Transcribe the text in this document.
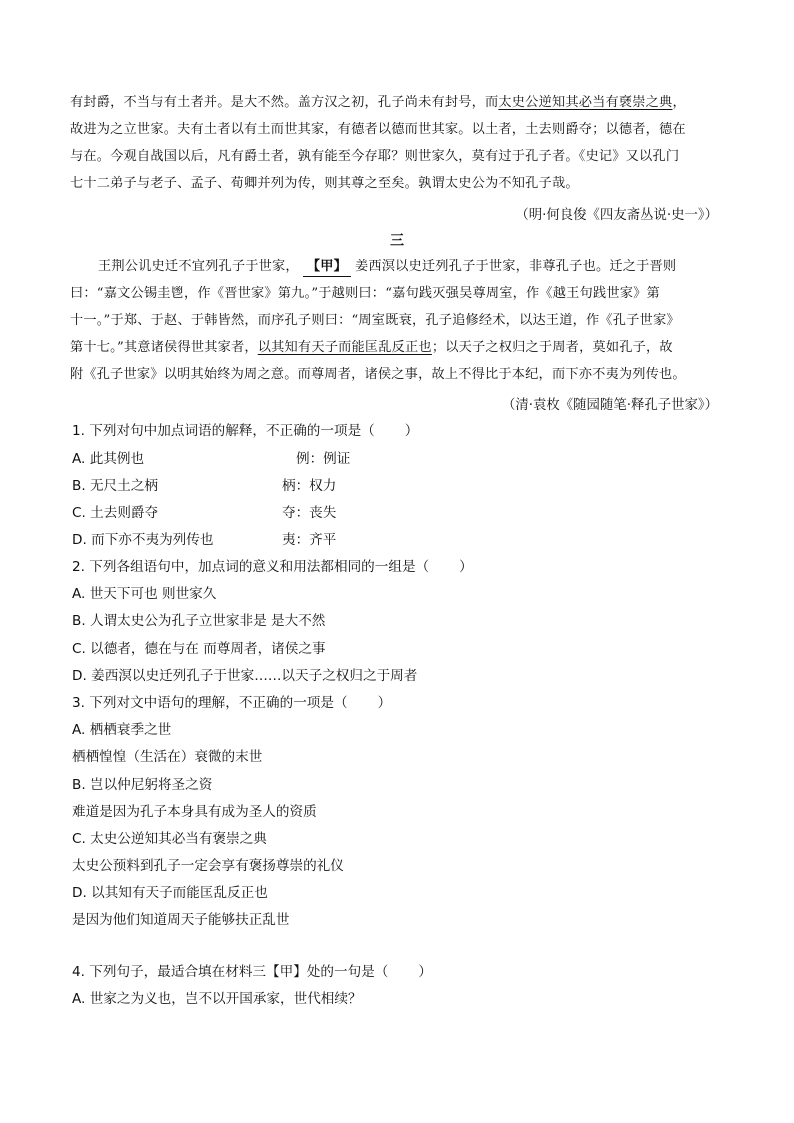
有封爵，不当与有土者并。是大不然。盖方汉之初，孔子尚未有封号，而太史公逆知其必当有褎崇之典，
故进为之立世家。夫有土者以有土而世其家，有德者以德而世其家。以土者，土去则爵夺；以德者，德在
与在。今观自战国以后，凡有爵土者，孰有能至今存耶？则世家久，莫有过于孔子者。《史记》又以孔门
七十二弟子与老子、孟子、荀卿并列为传，则其尊之至矣。孰谓太史公为不知孔子哉。
（明·何良俊《四友斋丛说·史一》）
三
王荆公讥史迁不宜列孔子于世家， 【甲】 姜西溟以史迁列孔子于世家，非尊孔子也。迁之于晋则
曰：“嘉文公锡圭鬯，作《晋世家》第九。”于越则曰：“嘉句践灭强吴尊周室，作《越王句践世家》第
十一。”于郑、于赵、于韩皆然，而序孔子则曰：“周室既衰，孔子追修经术，以达王道，作《孔子世家》
第十七。”其意诸侯得世其家者，以其知有天子而能匡乱反正也；以天子之权归之于周者，莫如孔子，故
附《孔子世家》以明其始终为周之意。而尊周者，诸侯之事，故上不得比于本纪，而下亦不夷为列传也。
（清·袁枚《随园随笔·释孔子世家》）
1. 下列对句中加点词语的解释，不正确的一项是（ ）
A. 此其例也	例：例证
B. 无尺土之柄	柄：权力
C. 土去则爵夺	夺：丧失
D. 而下亦不夷为列传也	夷：齐平
2. 下列各组语句中，加点词的意义和用法都相同的一组是（ ）
A. 世天下可也 则世家久
B. 人谓太史公为孔子立世家非是 是大不然
C. 以德者，德在与在 而尊周者，诸侯之事
D. 姜西溟以史迁列孔子于世家……以天子之权归之于周者
3. 下列对文中语句的理解，不正确的一项是（ ）
A. 栖栖衰季之世
栖栖惶惶（生活在）衰微的末世
B. 岂以仲尼躬将圣之资
难道是因为孔子本身具有成为圣人的资质
C. 太史公逆知其必当有褒崇之典
太史公预料到孔子一定会享有褒扬尊崇的礼仪
D. 以其知有天子而能匡乱反正也
是因为他们知道周天子能够扶正乱世
4. 下列句子，最适合填在材料三【甲】处的一句是（ ）
A. 世家之为义也，岂不以开国承家，世代相续？
